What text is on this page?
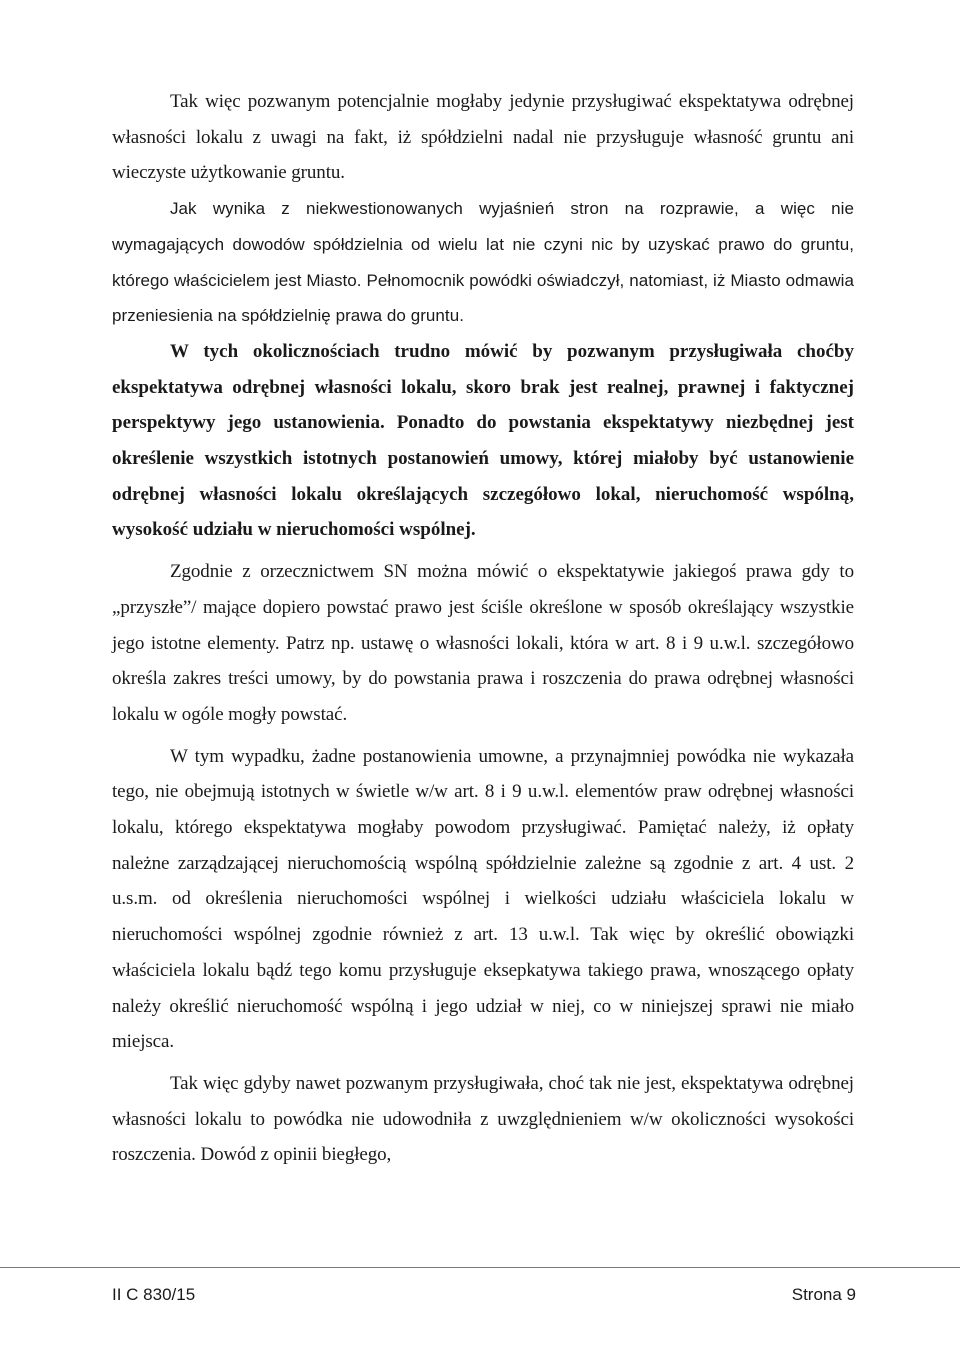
Tak więc pozwanym potencjalnie mogłaby jedynie przysługiwać ekspektatywa odrębnej własności lokalu z uwagi na fakt, iż spółdzielni nadal nie przysługuje własność gruntu ani wieczyste użytkowanie gruntu.

Jak wynika z niekwestionowanych wyjaśnień stron na rozprawie, a więc nie wymagających dowodów spółdzielnia od wielu lat nie czyni nic by uzyskać prawo do gruntu, którego właścicielem jest Miasto. Pełnomocnik powódki oświadczył, natomiast, iż Miasto odmawia przeniesienia na spółdzielnię prawa do gruntu.

W tych okolicznościach trudno mówić by pozwanym przysługiwała choćby ekspektatywa odrębnej własności lokalu, skoro brak jest realnej, prawnej i faktycznej perspektywy jego ustanowienia. Ponadto do powstania ekspektatywy niezbędnej jest określenie wszystkich istotnych postanowień umowy, której miałoby być ustanowienie odrębnej własności lokalu określających szczegółowo lokal, nieruchomość wspólną, wysokość udziału w nieruchomości wspólnej.

Zgodnie z orzecznictwem SN można mówić o ekspektatywie jakiegoś prawa gdy to „przyszłe”/ mające dopiero powstać prawo jest ściśle określone w sposób określający wszystkie jego istotne elementy. Patrz np. ustawę o własności lokali, która w art. 8 i 9 u.w.l. szczegółowo określa zakres treści umowy, by do powstania prawa i roszczenia do prawa odrębnej własności lokalu w ogóle mogły powstać.

W tym wypadku, żadne postanowienia umowne, a przynajmniej powódka nie wykazała tego, nie obejmują istotnych w świetle w/w art. 8 i 9 u.w.l. elementów praw odrębnej własności lokalu, którego ekspektatywa mogłaby powodom przysługiwać. Pamiętać należy, iż opłaty należne zarządzającej nieruchomością wspólną spółdzielnie zależne są zgodnie z art. 4 ust. 2 u.s.m. od określenia nieruchomości wspólnej i wielkości udziału właściciela lokalu w nieruchomości wspólnej zgodnie również z art. 13 u.w.l. Tak więc by określić obowiązki właściciela lokalu bądź tego komu przysługuje eksepkatywa takiego prawa, wnoszącego opłaty należy określić nieruchomość wspólną i jego udział w niej, co w niniejszej sprawi nie miało miejsca.

Tak więc gdyby nawet pozwanym przysługiwała, choć tak nie jest, ekspektatywa odrębnej własności lokalu to powódka nie udowodniła z uwzględnieniem w/w okoliczności wysokości roszczenia. Dowód z opinii biegłego,

II C 830/15	Strona 9
